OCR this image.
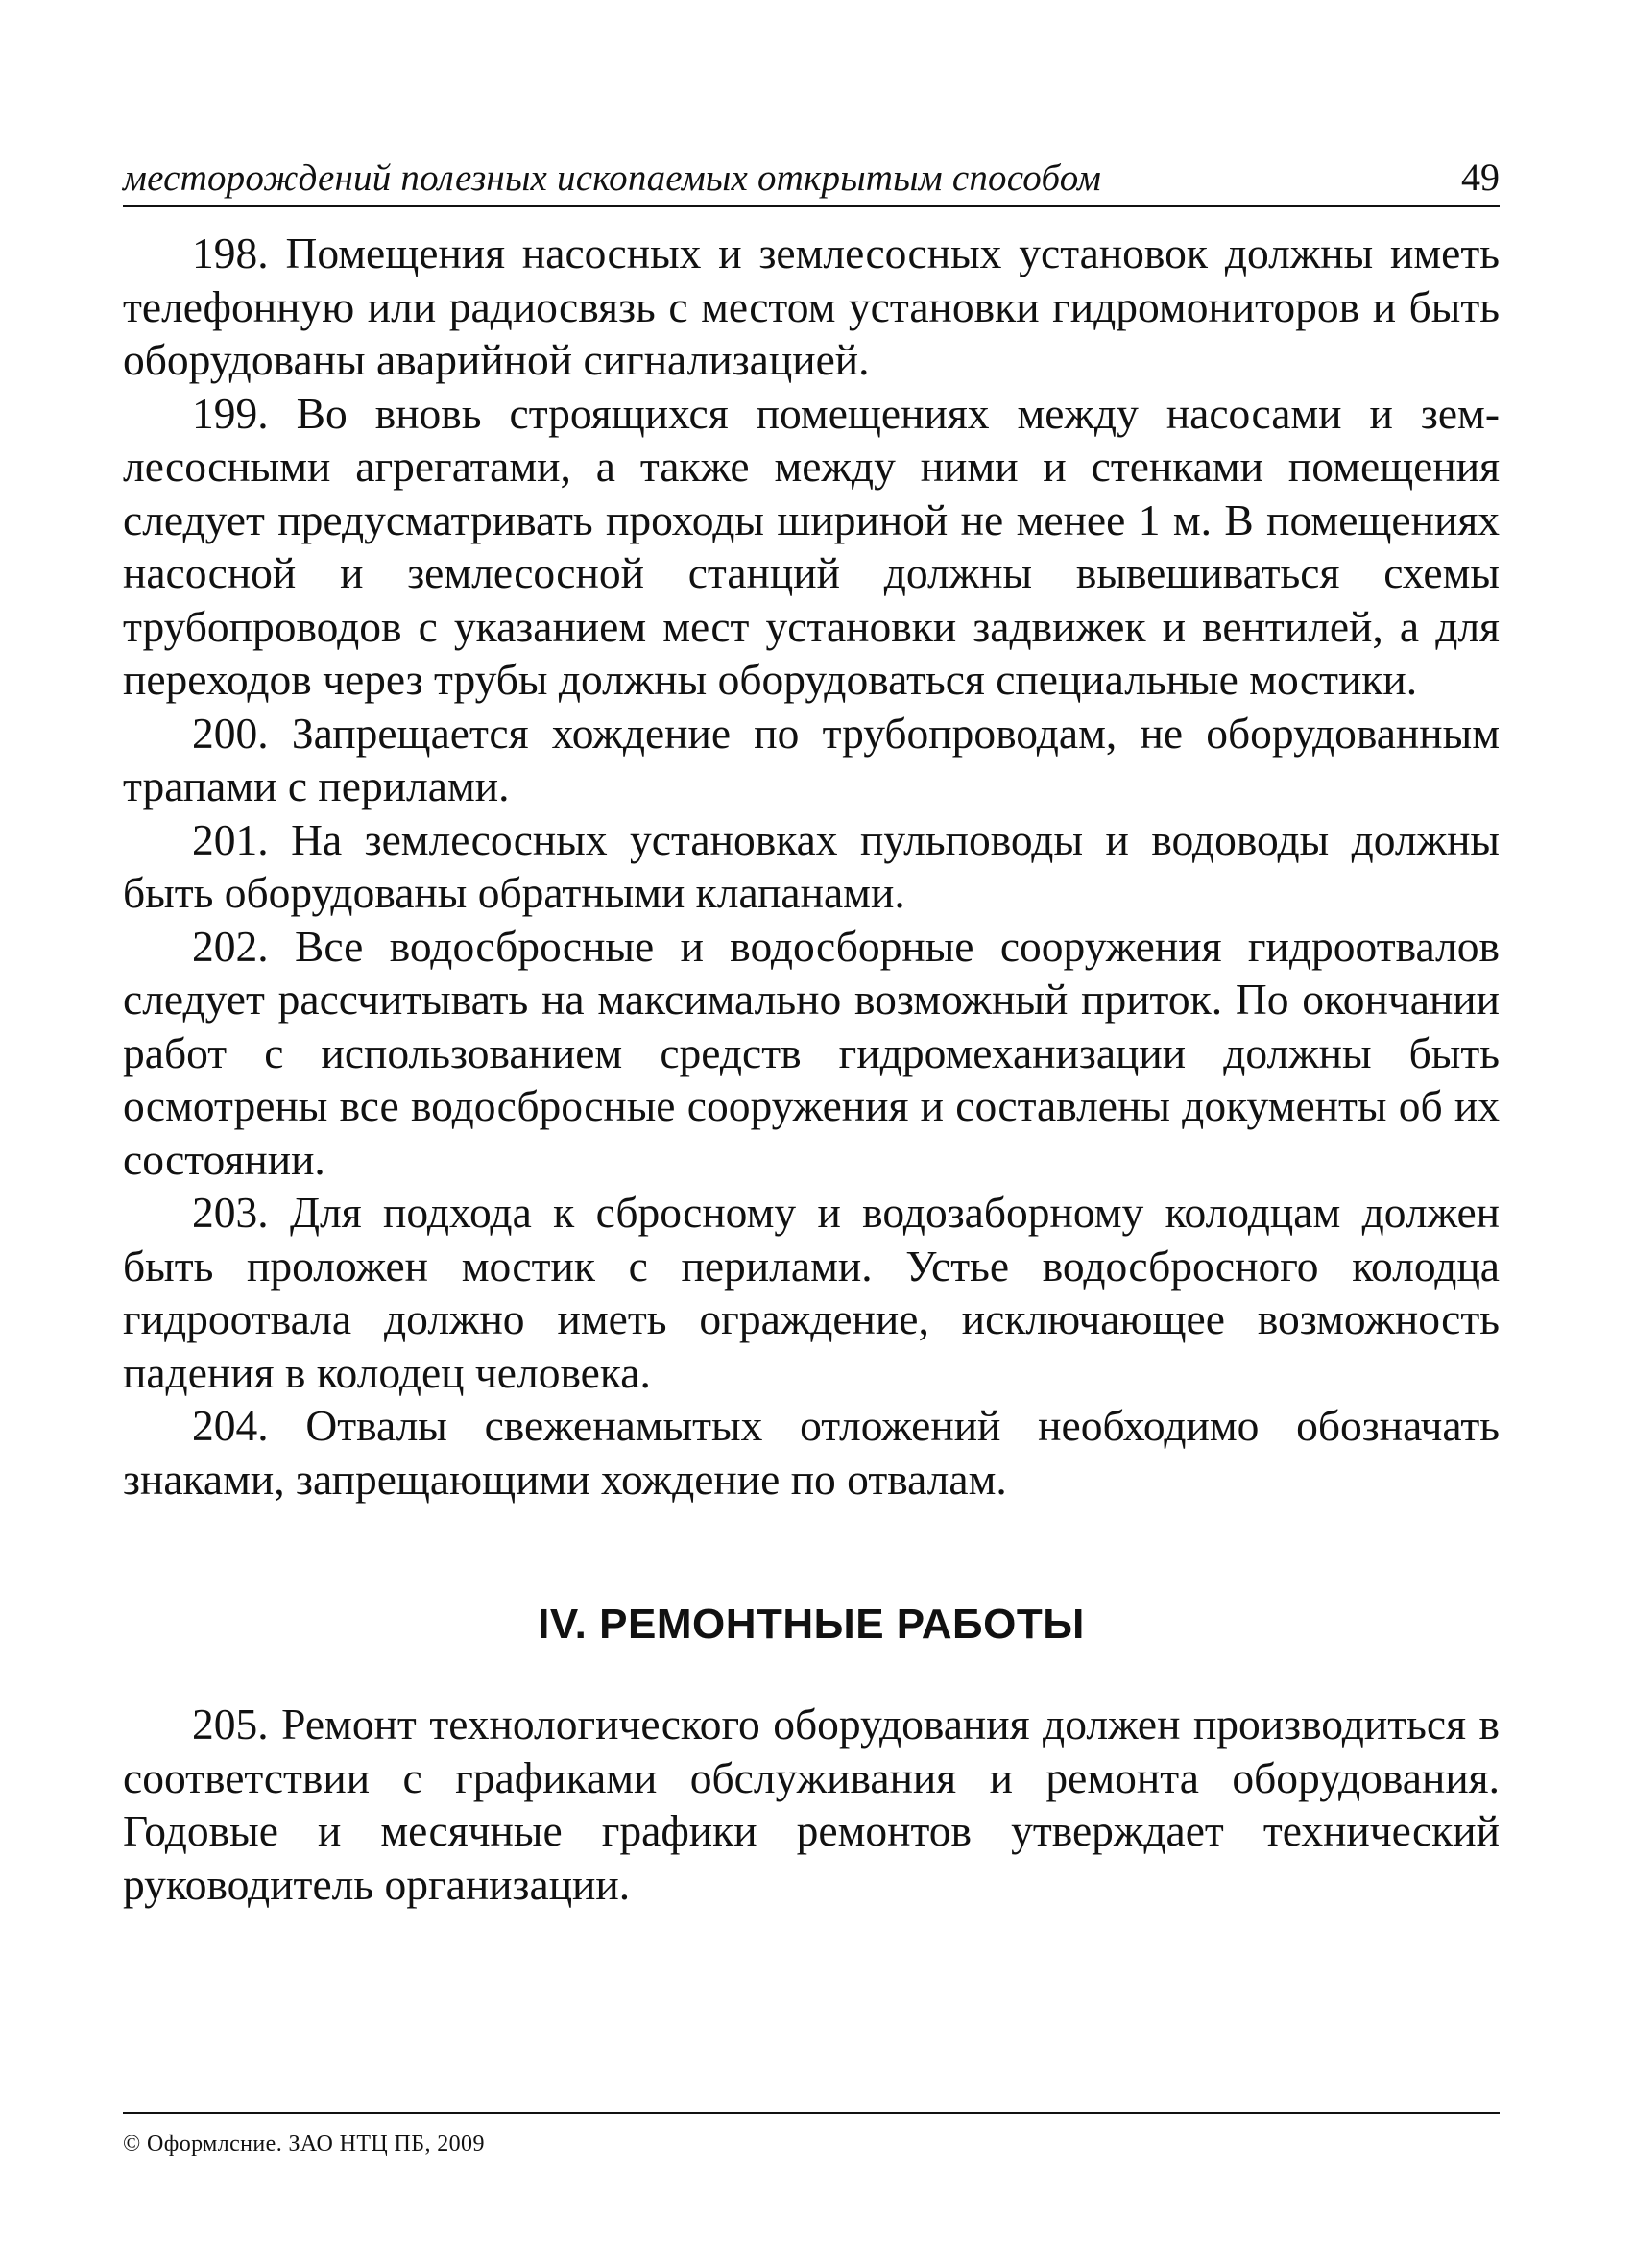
месторождений полезных ископаемых открытым способом	49

198. Помещения насосных и землесосных установок должны иметь телефонную или радиосвязь с местом установки гидромониторов и быть оборудованы аварийной сигнализацией.

199. Во вновь строящихся помещениях между насосами и землесосными агрегатами, а также между ними и стенками помещения следует предусматривать проходы шириной не менее 1 м. В помещениях насосной и землесосной станций должны вывешиваться схемы трубопроводов с указанием мест установки задвижек и вентилей, а для переходов через трубы должны оборудоваться специальные мостики.

200. Запрещается хождение по трубопроводам, не оборудованным трапами с перилами.

201. На землесосных установках пульповоды и водоводы должны быть оборудованы обратными клапанами.

202. Все водосбросные и водосборные сооружения гидроотвалов следует рассчитывать на максимально возможный приток. По окончании работ с использованием средств гидромеханизации должны быть осмотрены все водосбросные сооружения и составлены документы об их состоянии.

203. Для подхода к сбросному и водозаборному колодцам должен быть проложен мостик с перилами. Устье водосбросного колодца гидроотвала должно иметь ограждение, исключающее возможность падения в колодец человека.

204. Отвалы свеженамытых отложений необходимо обозначать знаками, запрещающими хождение по отвалам.

IV. РЕМОНТНЫЕ РАБОТЫ

205. Ремонт технологического оборудования должен производиться в соответствии с графиками обслуживания и ремонта оборудования. Годовые и месячные графики ремонтов утверждает технический руководитель организации.

© Оформлсние. ЗАО НТЦ ПБ, 2009
